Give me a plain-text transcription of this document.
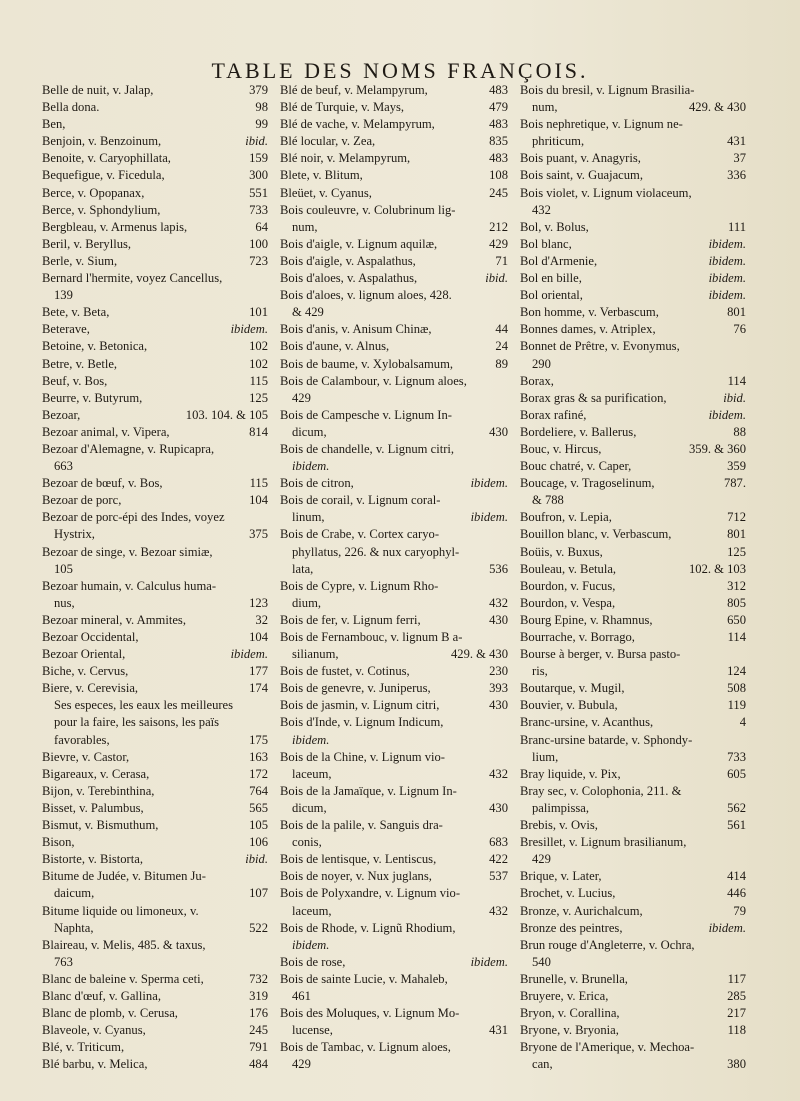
TABLE DES NOMS FRANÇOIS.
379
Belle de nuit, v. Jalap,
98
Bella dona.
99
Ben,
ibid.
Benjoin, v. Benzoinum,
159
Benoite, v. Caryophillata,
300
Bequefigue, v. Ficedula,
551
Berce, v. Opopanax,
733
Berce, v. Sphondylium,
64
Bergbleau, v. Armenus lapis,
100
Beril, v. Beryllus,
723
Berle, v. Sium,
Bernard l'hermite, voyez Cancellus,
139
101
Bete, v. Beta,
ibidem.
Beterave,
102
Betoine, v. Betonica,
102
Betre, v. Betle,
115
Beuf, v. Bos,
125
Beurre, v. Butyrum,
103. 104. & 105
Bezoar,
814
Bezoar animal, v. Vipera,
Bezoar d'Alemagne, v. Rupicapra,
663
115
Bezoar de bœuf, v. Bos,
104
Bezoar de porc,
Bezoar de porc-épi des Indes, voyez
375
Hystrix,
Bezoar de singe, v. Bezoar simiæ,
105
Bezoar humain, v. Calculus huma-
123
nus,
32
Bezoar mineral, v. Ammites,
104
Bezoar Occidental,
ibidem.
Bezoar Oriental,
177
Biche, v. Cervus,
174
Biere, v. Cerevisia,
Ses especes, les eaux les meilleures
pour la faire, les saisons, les païs
175
favorables,
163
Bievre, v. Castor,
172
Bigareaux, v. Cerasa,
764
Bijon, v. Terebinthina,
565
Bisset, v. Palumbus,
105
Bismut, v. Bismuthum,
106
Bison,
ibid.
Bistorte, v. Bistorta,
Bitume de Judée, v. Bitumen Ju-
107
daicum,
Bitume liquide ou limoneux, v.
522
Naphta,
Blaireau, v. Melis, 485. & taxus,
763
732
Blanc de baleine v. Sperma ceti,
319
Blanc d'œuf, v. Gallina,
176
Blanc de plomb, v. Cerusa,
245
Blaveole, v. Cyanus,
791
Blé, v. Triticum,
484
Blé barbu, v. Melica,
483
Blé de beuf, v. Melampyrum,
479
Blé de Turquie, v. Mays,
483
Blé de vache, v. Melampyrum,
835
Blé locular, v. Zea,
483
Blé noir, v. Melampyrum,
108
Blete, v. Blitum,
245
Bleüet, v. Cyanus,
Bois couleuvre, v. Colubrinum lig-
212
num,
429
Bois d'aigle, v. Lignum aquilæ,
71
Bois d'aigle, v. Aspalathus,
ibid.
Bois d'aloes, v. Aspalathus,
Bois d'aloes, v. lignum aloes, 428.
& 429
44
Bois d'anis, v. Anisum Chinæ,
24
Bois d'aune, v. Alnus,
89
Bois de baume, v. Xylobalsamum,
Bois de Calambour, v. Lignum aloes,
429
Bois de Campesche v. Lignum In-
430
dicum,
Bois de chandelle, v. Lignum citri,
ibidem.
ibidem.
Bois de citron,
Bois de corail, v. Lignum coral-
ibidem.
linum,
Bois de Crabe, v. Cortex caryo-
phyllatus, 226. & nux caryophyl-
536
lata,
Bois de Cypre, v. Lignum Rho-
432
dium,
430
Bois de fer, v. Lignum ferri,
Bois de Fernambouc, v. lignum B a-
429. & 430
silianum,
230
Bois de fustet, v. Cotinus,
393
Bois de genevre, v. Juniperus,
430
Bois de jasmin, v. Lignum citri,
Bois d'Inde, v. Lignum Indicum,
ibidem.
Bois de la Chine, v. Lignum vio-
432
laceum,
Bois de la Jamaïque, v. Lignum In-
430
dicum,
Bois de la palile, v. Sanguis dra-
683
conis,
422
Bois de lentisque, v. Lentiscus,
537
Bois de noyer, v. Nux juglans,
Bois de Polyxandre, v. Lignum vio-
432
laceum,
Bois de Rhode, v. Lignũ Rhodium,
ibidem.
ibidem.
Bois de rose,
Bois de sainte Lucie, v. Mahaleb,
461
Bois des Moluques, v. Lignum Mo-
431
lucense,
Bois de Tambac, v. Lignum aloes,
429
Bois du bresil, v. Lignum Brasilia-
429. & 430
num,
Bois nephretique, v. Lignum ne-
431
phriticum,
37
Bois puant, v. Anagyris,
336
Bois saint, v. Guajacum,
Bois violet, v. Lignum violaceum,
432
111
Bol, v. Bolus,
ibidem.
Bol blanc,
ibidem.
Bol d'Armenie,
ibidem.
Bol en bille,
ibidem.
Bol oriental,
801
Bon homme, v. Verbascum,
76
Bonnes dames, v. Atriplex,
Bonnet de Prêtre, v. Evonymus,
290
114
Borax,
ibid.
Borax gras & sa purification,
ibidem.
Borax rafiné,
88
Bordeliere, v. Ballerus,
359. & 360
Bouc, v. Hircus,
359
Bouc chatré, v. Caper,
787.
Boucage, v. Tragoselinum,
& 788
712
Boufron, v. Lepia,
801
Bouillon blanc, v. Verbascum,
125
Boüis, v. Buxus,
102. & 103
Bouleau, v. Betula,
312
Bourdon, v. Fucus,
805
Bourdon, v. Vespa,
650
Bourg Epine, v. Rhamnus,
114
Bourrache, v. Borrago,
Bourse à berger, v. Bursa pasto-
124
ris,
508
Boutarque, v. Mugil,
119
Bouvier, v. Bubula,
4
Branc-ursine, v. Acanthus,
Branc-ursine batarde, v. Sphondy-
733
lium,
605
Bray liquide, v. Pix,
Bray sec, v. Colophonia, 211. &
562
palimpissa,
561
Brebis, v. Ovis,
Bresillet, v. Lignum brasilianum,
429
414
Brique, v. Later,
446
Brochet, v. Lucius,
79
Bronze, v. Aurichalcum,
ibidem.
Bronze des peintres,
Brun rouge d'Angleterre, v. Ochra,
540
117
Brunelle, v. Brunella,
285
Bruyere, v. Erica,
217
Bryon, v. Corallina,
118
Bryone, v. Bryonia,
Bryone de l'Amerique, v. Mechoa-
380
can,
